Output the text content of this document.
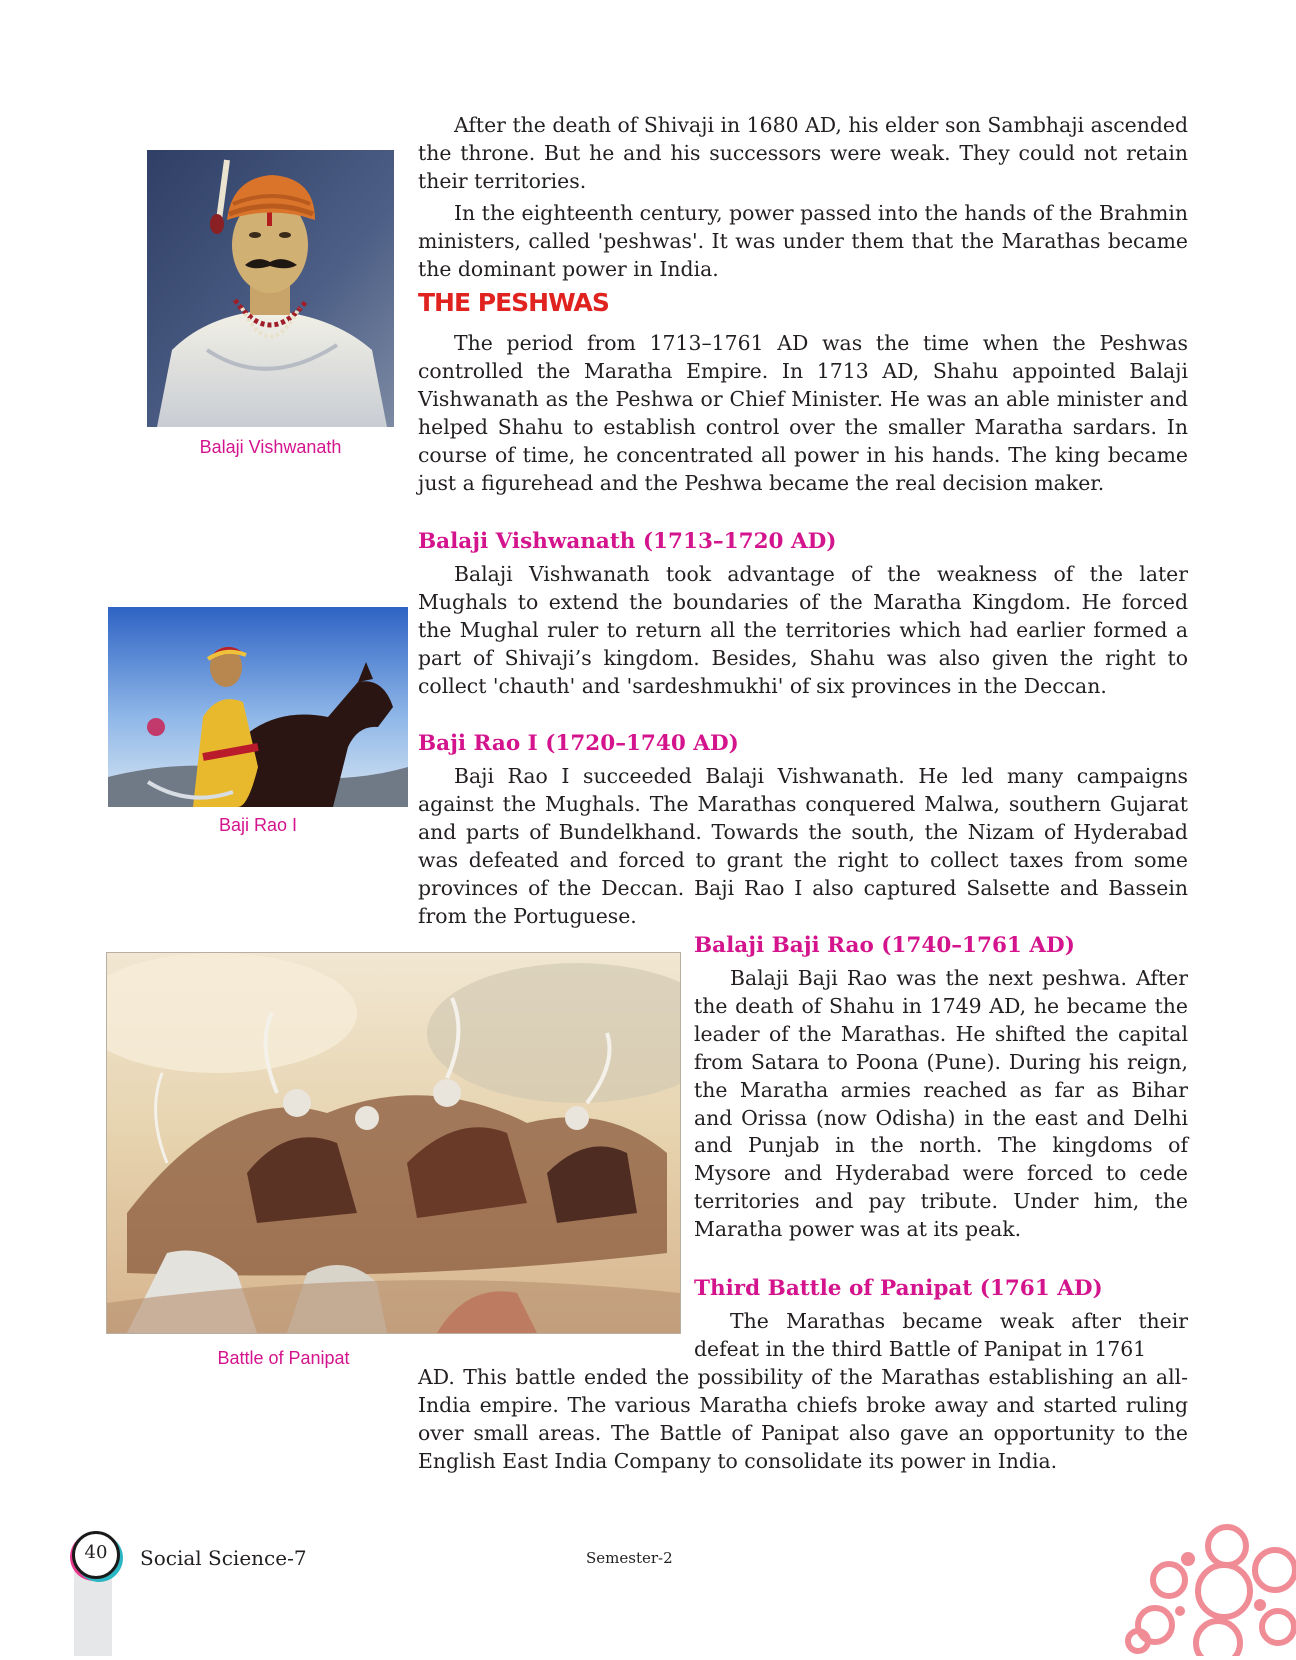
Balaji Vishwanath

Baji Rao I

Battle of Panipat

After the death of Shivaji in 1680 AD, his elder son Sambhaji ascended the throne. But he and his successors were weak. They could not retain their territories.

In the eighteenth century, power passed into the hands of the Brahmin ministers, called 'peshwas'. It was under them that the Marathas became the dominant power in India.

THE PESHWAS

The period from 1713–1761 AD was the time when the Peshwas controlled the Maratha Empire. In 1713 AD, Shahu appointed Balaji Vishwanath as the Peshwa or Chief Minister. He was an able minister and helped Shahu to establish control over the smaller Maratha sardars. In course of time, he concentrated all power in his hands. The king became just a figurehead and the Peshwa became the real decision maker.

Balaji Vishwanath (1713–1720 AD)

Balaji Vishwanath took advantage of the weakness of the later Mughals to extend the boundaries of the Maratha Kingdom. He forced the Mughal ruler to return all the territories which had earlier formed a part of Shivaji’s kingdom. Besides, Shahu was also given the right to collect 'chauth' and 'sardeshmukhi' of six provinces in the Deccan.

Baji Rao I (1720–1740 AD)

Baji Rao I succeeded Balaji Vishwanath. He led many campaigns against the Mughals. The Marathas conquered Malwa, southern Gujarat and parts of Bundelkhand. Towards the south, the Nizam of Hyderabad was defeated and forced to grant the right to collect taxes from some provinces of the Deccan. Baji Rao I also captured Salsette and Bassein from the Portuguese.

Balaji Baji Rao (1740–1761 AD)

Balaji Baji Rao was the next peshwa. After the death of Shahu in 1749 AD, he became the leader of the Marathas. He shifted the capital from Satara to Poona (Pune). During his reign, the Maratha armies reached as far as Bihar and Orissa (now Odisha) in the east and Delhi and Punjab in the north. The kingdoms of Mysore and Hyderabad were forced to cede territories and pay tribute. Under him, the Maratha power was at its peak.

Third Battle of Panipat (1761 AD)

The Marathas became weak after their defeat in the third Battle of Panipat in 1761

AD. This battle ended the possibility of the Marathas establishing an all-India empire. The various Maratha chiefs broke away and started ruling over small areas. The Battle of Panipat also gave an opportunity to the English East India Company to consolidate its power in India.

40	Social Science-7	Semester-2
